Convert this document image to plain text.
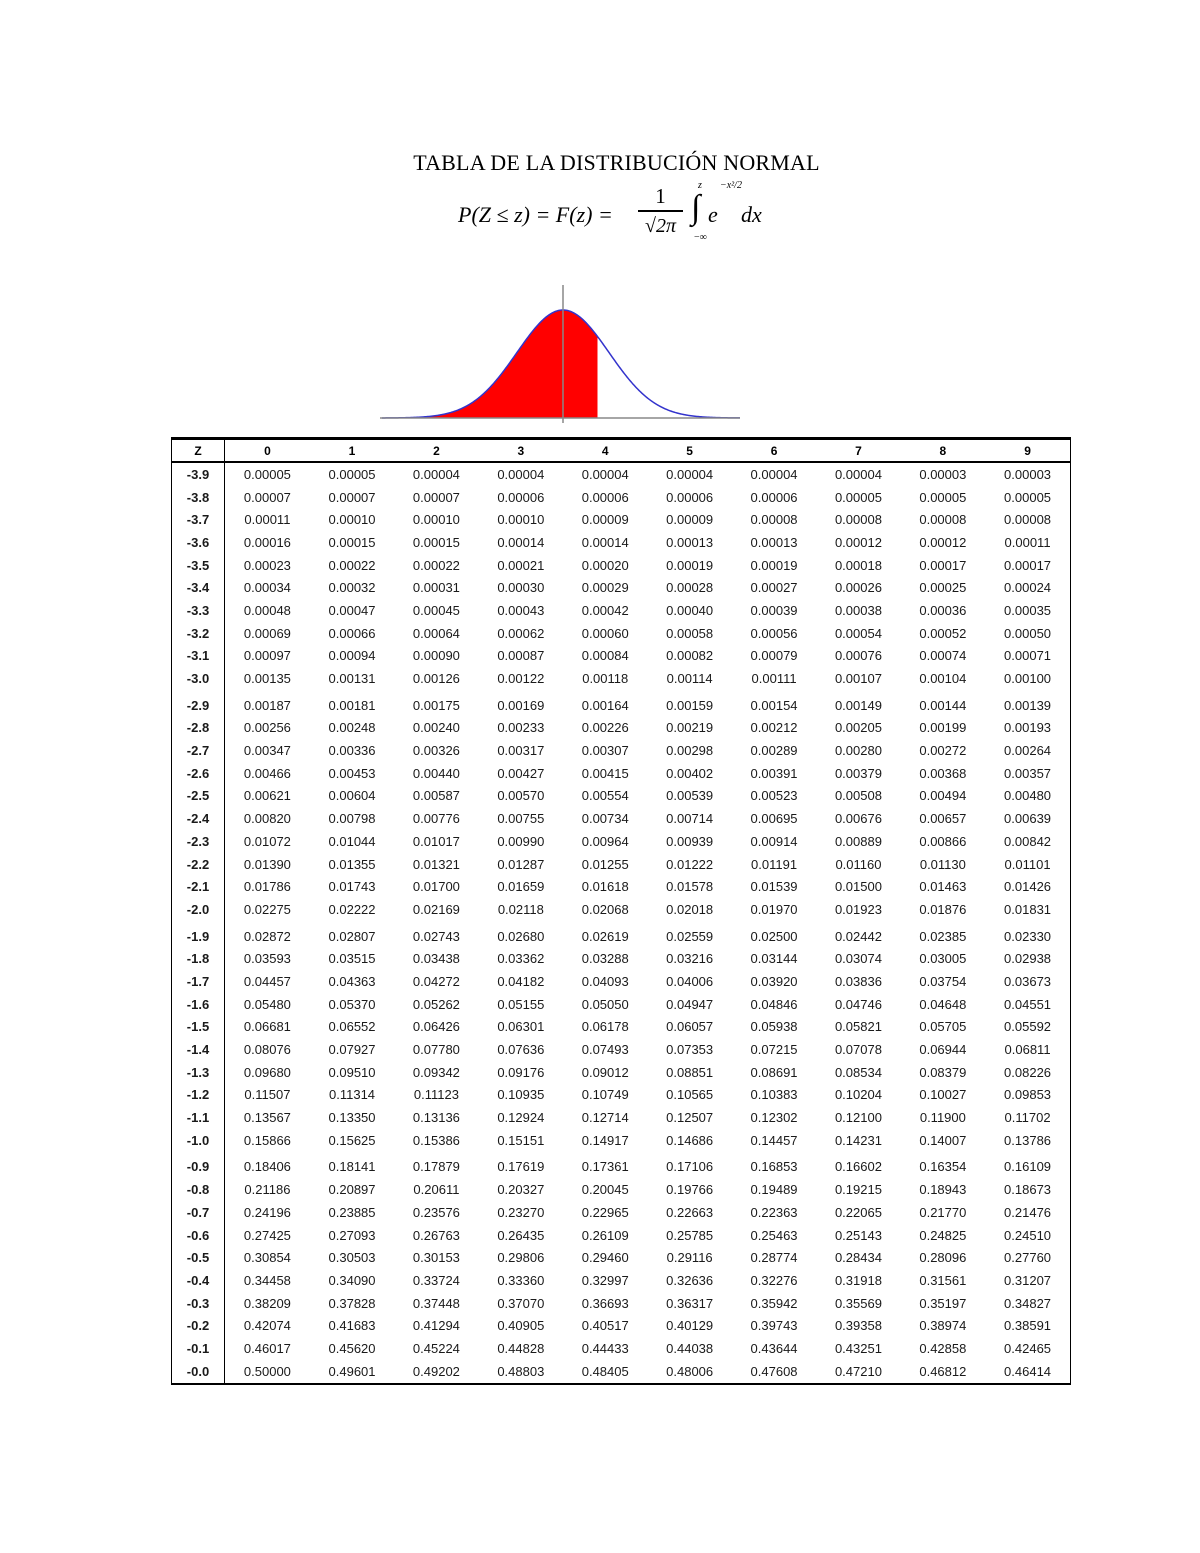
TABLA DE LA DISTRIBUCIÓN NORMAL
P(Z ≤ z) = F(z) =
1
√2π
z
∫
−∞
e
−x²/2
dx
Z	0	1	2	3	4	5	6	7	8	9
-3.9	0.00005	0.00005	0.00004	0.00004	0.00004	0.00004	0.00004	0.00004	0.00003	0.00003
-3.8	0.00007	0.00007	0.00007	0.00006	0.00006	0.00006	0.00006	0.00005	0.00005	0.00005
-3.7	0.00011	0.00010	0.00010	0.00010	0.00009	0.00009	0.00008	0.00008	0.00008	0.00008
-3.6	0.00016	0.00015	0.00015	0.00014	0.00014	0.00013	0.00013	0.00012	0.00012	0.00011
-3.5	0.00023	0.00022	0.00022	0.00021	0.00020	0.00019	0.00019	0.00018	0.00017	0.00017
-3.4	0.00034	0.00032	0.00031	0.00030	0.00029	0.00028	0.00027	0.00026	0.00025	0.00024
-3.3	0.00048	0.00047	0.00045	0.00043	0.00042	0.00040	0.00039	0.00038	0.00036	0.00035
-3.2	0.00069	0.00066	0.00064	0.00062	0.00060	0.00058	0.00056	0.00054	0.00052	0.00050
-3.1	0.00097	0.00094	0.00090	0.00087	0.00084	0.00082	0.00079	0.00076	0.00074	0.00071
-3.0	0.00135	0.00131	0.00126	0.00122	0.00118	0.00114	0.00111	0.00107	0.00104	0.00100
-2.9	0.00187	0.00181	0.00175	0.00169	0.00164	0.00159	0.00154	0.00149	0.00144	0.00139
-2.8	0.00256	0.00248	0.00240	0.00233	0.00226	0.00219	0.00212	0.00205	0.00199	0.00193
-2.7	0.00347	0.00336	0.00326	0.00317	0.00307	0.00298	0.00289	0.00280	0.00272	0.00264
-2.6	0.00466	0.00453	0.00440	0.00427	0.00415	0.00402	0.00391	0.00379	0.00368	0.00357
-2.5	0.00621	0.00604	0.00587	0.00570	0.00554	0.00539	0.00523	0.00508	0.00494	0.00480
-2.4	0.00820	0.00798	0.00776	0.00755	0.00734	0.00714	0.00695	0.00676	0.00657	0.00639
-2.3	0.01072	0.01044	0.01017	0.00990	0.00964	0.00939	0.00914	0.00889	0.00866	0.00842
-2.2	0.01390	0.01355	0.01321	0.01287	0.01255	0.01222	0.01191	0.01160	0.01130	0.01101
-2.1	0.01786	0.01743	0.01700	0.01659	0.01618	0.01578	0.01539	0.01500	0.01463	0.01426
-2.0	0.02275	0.02222	0.02169	0.02118	0.02068	0.02018	0.01970	0.01923	0.01876	0.01831
-1.9	0.02872	0.02807	0.02743	0.02680	0.02619	0.02559	0.02500	0.02442	0.02385	0.02330
-1.8	0.03593	0.03515	0.03438	0.03362	0.03288	0.03216	0.03144	0.03074	0.03005	0.02938
-1.7	0.04457	0.04363	0.04272	0.04182	0.04093	0.04006	0.03920	0.03836	0.03754	0.03673
-1.6	0.05480	0.05370	0.05262	0.05155	0.05050	0.04947	0.04846	0.04746	0.04648	0.04551
-1.5	0.06681	0.06552	0.06426	0.06301	0.06178	0.06057	0.05938	0.05821	0.05705	0.05592
-1.4	0.08076	0.07927	0.07780	0.07636	0.07493	0.07353	0.07215	0.07078	0.06944	0.06811
-1.3	0.09680	0.09510	0.09342	0.09176	0.09012	0.08851	0.08691	0.08534	0.08379	0.08226
-1.2	0.11507	0.11314	0.11123	0.10935	0.10749	0.10565	0.10383	0.10204	0.10027	0.09853
-1.1	0.13567	0.13350	0.13136	0.12924	0.12714	0.12507	0.12302	0.12100	0.11900	0.11702
-1.0	0.15866	0.15625	0.15386	0.15151	0.14917	0.14686	0.14457	0.14231	0.14007	0.13786
-0.9	0.18406	0.18141	0.17879	0.17619	0.17361	0.17106	0.16853	0.16602	0.16354	0.16109
-0.8	0.21186	0.20897	0.20611	0.20327	0.20045	0.19766	0.19489	0.19215	0.18943	0.18673
-0.7	0.24196	0.23885	0.23576	0.23270	0.22965	0.22663	0.22363	0.22065	0.21770	0.21476
-0.6	0.27425	0.27093	0.26763	0.26435	0.26109	0.25785	0.25463	0.25143	0.24825	0.24510
-0.5	0.30854	0.30503	0.30153	0.29806	0.29460	0.29116	0.28774	0.28434	0.28096	0.27760
-0.4	0.34458	0.34090	0.33724	0.33360	0.32997	0.32636	0.32276	0.31918	0.31561	0.31207
-0.3	0.38209	0.37828	0.37448	0.37070	0.36693	0.36317	0.35942	0.35569	0.35197	0.34827
-0.2	0.42074	0.41683	0.41294	0.40905	0.40517	0.40129	0.39743	0.39358	0.38974	0.38591
-0.1	0.46017	0.45620	0.45224	0.44828	0.44433	0.44038	0.43644	0.43251	0.42858	0.42465
-0.0	0.50000	0.49601	0.49202	0.48803	0.48405	0.48006	0.47608	0.47210	0.46812	0.46414
